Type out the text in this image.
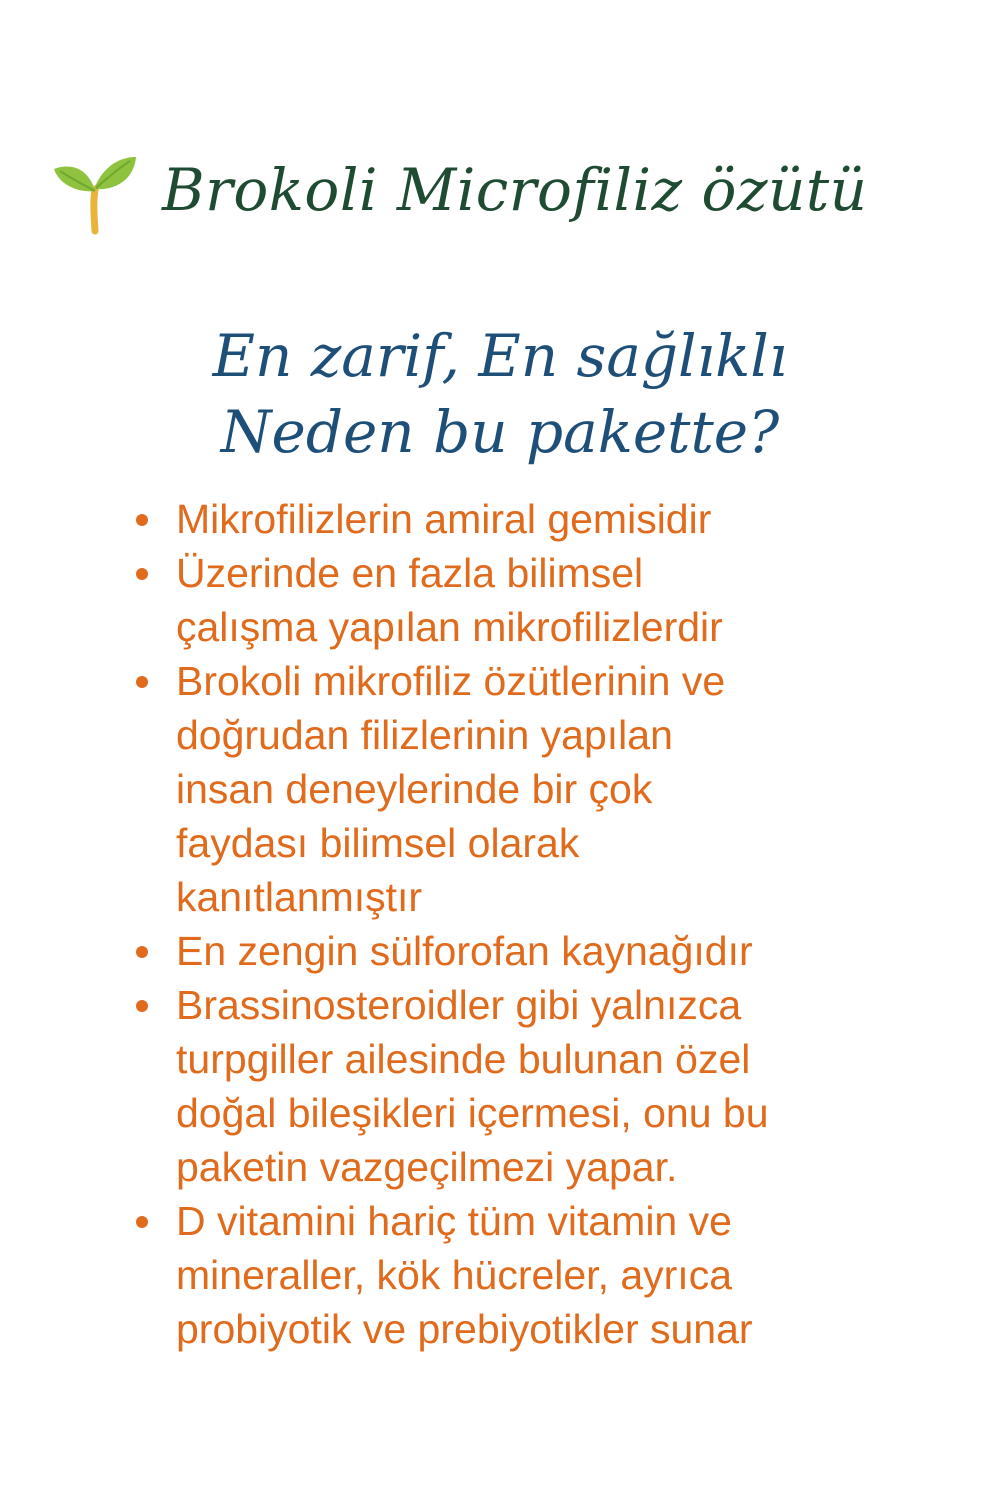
Brokoli Microfiliz özütü
En zarif, En sağlıklı
Neden bu pakette?
Mikrofilizlerin amiral gemisidir
Üzerinde en fazla bilimsel
çalışma yapılan mikrofilizlerdir
Brokoli mikrofiliz özütlerinin ve
doğrudan filizlerinin yapılan
insan deneylerinde bir çok
faydası bilimsel olarak
kanıtlanmıştır
En zengin sülforofan kaynağıdır
Brassinosteroidler gibi yalnızca
turpgiller ailesinde bulunan özel
doğal bileşikleri içermesi, onu bu
paketin vazgeçilmezi yapar.
D vitamini hariç tüm vitamin ve
mineraller, kök hücreler, ayrıca
probiyotik ve prebiyotikler sunar
